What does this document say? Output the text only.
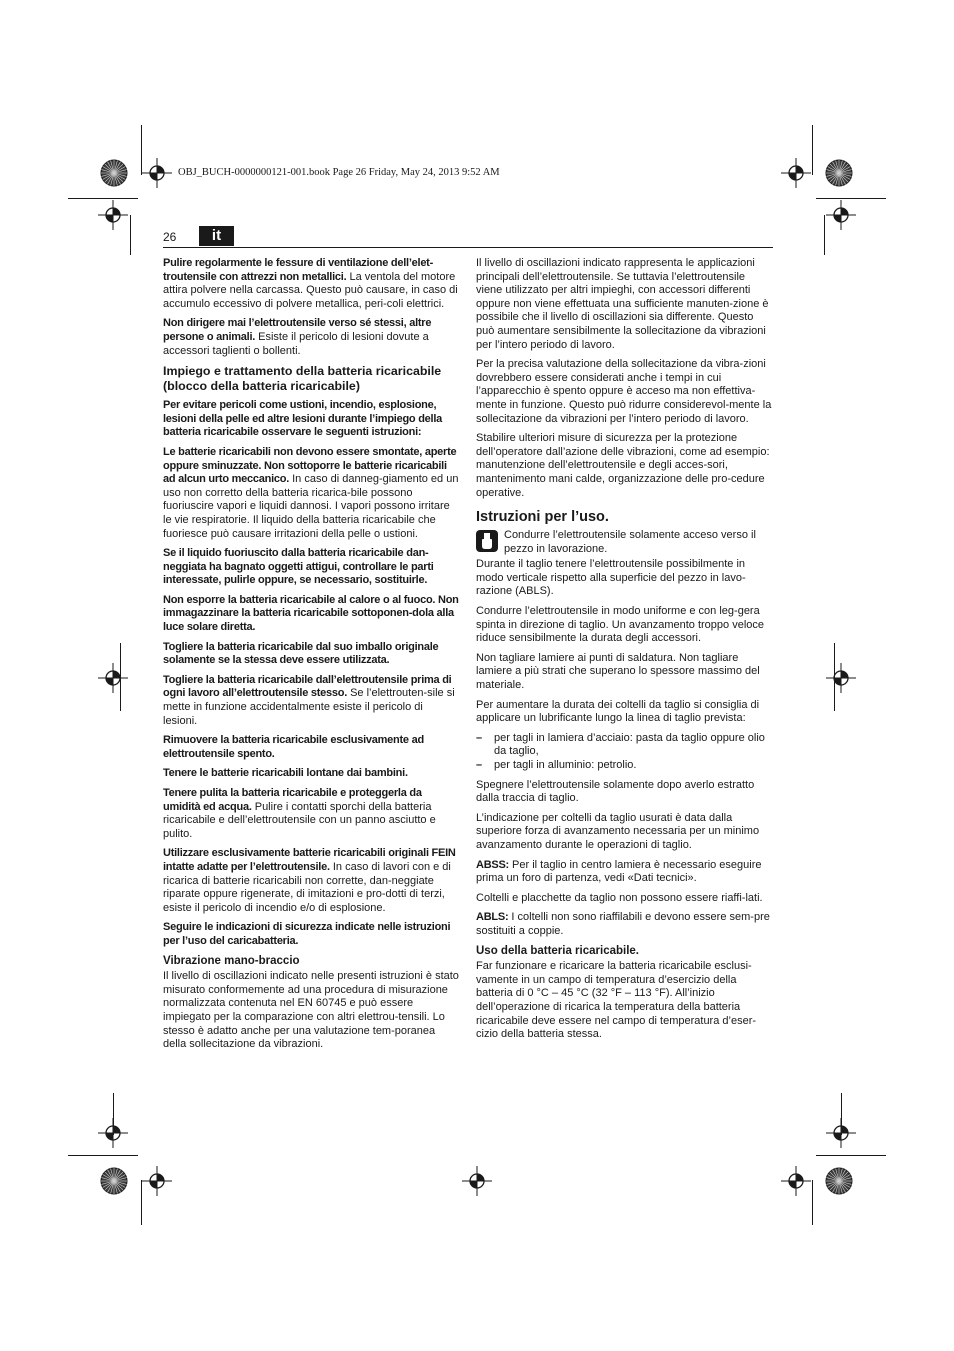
OBJ_BUCH-0000000121-001.book Page 26 Friday, May 24, 2013 9:52 AM
26	it

Pulire regolarmente le fessure di ventilazione dell’elet-troutensile con attrezzi non metallici. La ventola del motore attira polvere nella carcassa. Questo può causare, in caso di accumulo eccessivo di polvere metallica, peri-coli elettrici.

Non dirigere mai l’elettroutensile verso sé stessi, altre persone o animali. Esiste il pericolo di lesioni dovute a accessori taglienti o bollenti.

Impiego e trattamento della batteria ricaricabile (blocco della batteria ricaricabile)

Per evitare pericoli come ustioni, incendio, esplosione, lesioni della pelle ed altre lesioni durante l’impiego della batteria ricaricabile osservare le seguenti istruzioni:

Le batterie ricaricabili non devono essere smontate, aperte oppure sminuzzate. Non sottoporre le batterie ricaricabili ad alcun urto meccanico. In caso di danneg-giamento ed un uso non corretto della batteria ricarica-bile possono fuoriuscire vapori e liquidi dannosi. I vapori possono irritare le vie respiratorie. Il liquido della batteria ricaricabile che fuoriesce può causare irritazioni della pelle o ustioni.

Se il liquido fuoriuscito dalla batteria ricaricabile dan-neggiata ha bagnato oggetti attigui, controllare le parti interessate, pulirle oppure, se necessario, sostituirle.

Non esporre la batteria ricaricabile al calore o al fuoco. Non immagazzinare la batteria ricaricabile sottoponen-dola alla luce solare diretta.

Togliere la batteria ricaricabile dal suo imballo originale solamente se la stessa deve essere utilizzata.

Togliere la batteria ricaricabile dall’elettroutensile prima di ogni lavoro all’elettroutensile stesso. Se l’elettrouten-sile si mette in funzione accidentalmente esiste il pericolo di lesioni.

Rimuovere la batteria ricaricabile esclusivamente ad elettroutensile spento.

Tenere le batterie ricaricabili lontane dai bambini.

Tenere pulita la batteria ricaricabile e proteggerla da umidità ed acqua. Pulire i contatti sporchi della batteria ricaricabile e dell’elettroutensile con un panno asciutto e pulito.

Utilizzare esclusivamente batterie ricaricabili originali FEIN intatte adatte per l’elettroutensile. In caso di lavori con e di ricarica di batterie ricaricabili non corrette, dan-neggiate riparate oppure rigenerate, di imitazioni e pro-dotti di terzi, esiste il pericolo di incendio e/o di esplosione.

Seguire le indicazioni di sicurezza indicate nelle istruzioni per l’uso del caricabatteria.

Vibrazione mano-braccio

Il livello di oscillazioni indicato nelle presenti istruzioni è stato misurato conformemente ad una procedura di misurazione normalizzata contenuta nel EN 60745 e può essere impiegato per la comparazione con altri elettrou-tensili. Lo stesso è adatto anche per una valutazione tem-poranea della sollecitazione da vibrazioni.

Il livello di oscillazioni indicato rappresenta le applicazioni principali dell’elettroutensile. Se tuttavia l’elettroutensile viene utilizzato per altri impieghi, con accessori differenti oppure non viene effettuata una sufficiente manuten-zione è possibile che il livello di oscillazioni sia differente. Questo può aumentare sensibilmente la sollecitazione da vibrazioni per l’intero periodo di lavoro.

Per la precisa valutazione della sollecitazione da vibra-zioni dovrebbero essere considerati anche i tempi in cui l’apparecchio è spento oppure è acceso ma non effettiva-mente in funzione. Questo può ridurre considerevol-mente la sollecitazione da vibrazioni per l’intero periodo di lavoro.

Stabilire ulteriori misure di sicurezza per la protezione dell’operatore dall’azione delle vibrazioni, come ad esempio: manutenzione dell’elettroutensile e degli acces-sori, mantenimento mani calde, organizzazione delle pro-cedure operative.

Istruzioni per l’uso.
Condurre l’elettroutensile solamente acceso verso il pezzo in lavorazione.

Durante il taglio tenere l’elettroutensile possibilmente in modo verticale rispetto alla superficie del pezzo in lavo-razione (ABLS).

Condurre l’elettroutensile in modo uniforme e con leg-gera spinta in direzione di taglio. Un avanzamento troppo veloce riduce sensibilmente la durata degli accessori.

Non tagliare lamiere ai punti di saldatura. Non tagliare lamiere a più strati che superano lo spessore massimo del materiale.

Per aumentare la durata dei coltelli da taglio si consiglia di applicare un lubrificante lungo la linea di taglio prevista:

– per tagli in lamiera d’acciaio: pasta da taglio oppure olio da taglio,
– per tagli in alluminio: petrolio.

Spegnere l’elettroutensile solamente dopo averlo estratto dalla traccia di taglio.

L’indicazione per coltelli da taglio usurati è data dalla superiore forza di avanzamento necessaria per un minimo avanzamento durante le operazioni di taglio.

ABSS: Per il taglio in centro lamiera è necessario eseguire prima un foro di partenza, vedi «Dati tecnici».

Coltelli e placchette da taglio non possono essere riaffi-lati.

ABLS: I coltelli non sono riaffilabili e devono essere sem-pre sostituiti a coppie.

Uso della batteria ricaricabile.

Far funzionare e ricaricare la batteria ricaricabile esclusi-vamente in un campo di temperatura d’esercizio della batteria di 0 °C – 45 °C (32 °F – 113 °F). All’inizio dell’operazione di ricarica la temperatura della batteria ricaricabile deve essere nel campo di temperatura d’eser-cizio della batteria stessa.
